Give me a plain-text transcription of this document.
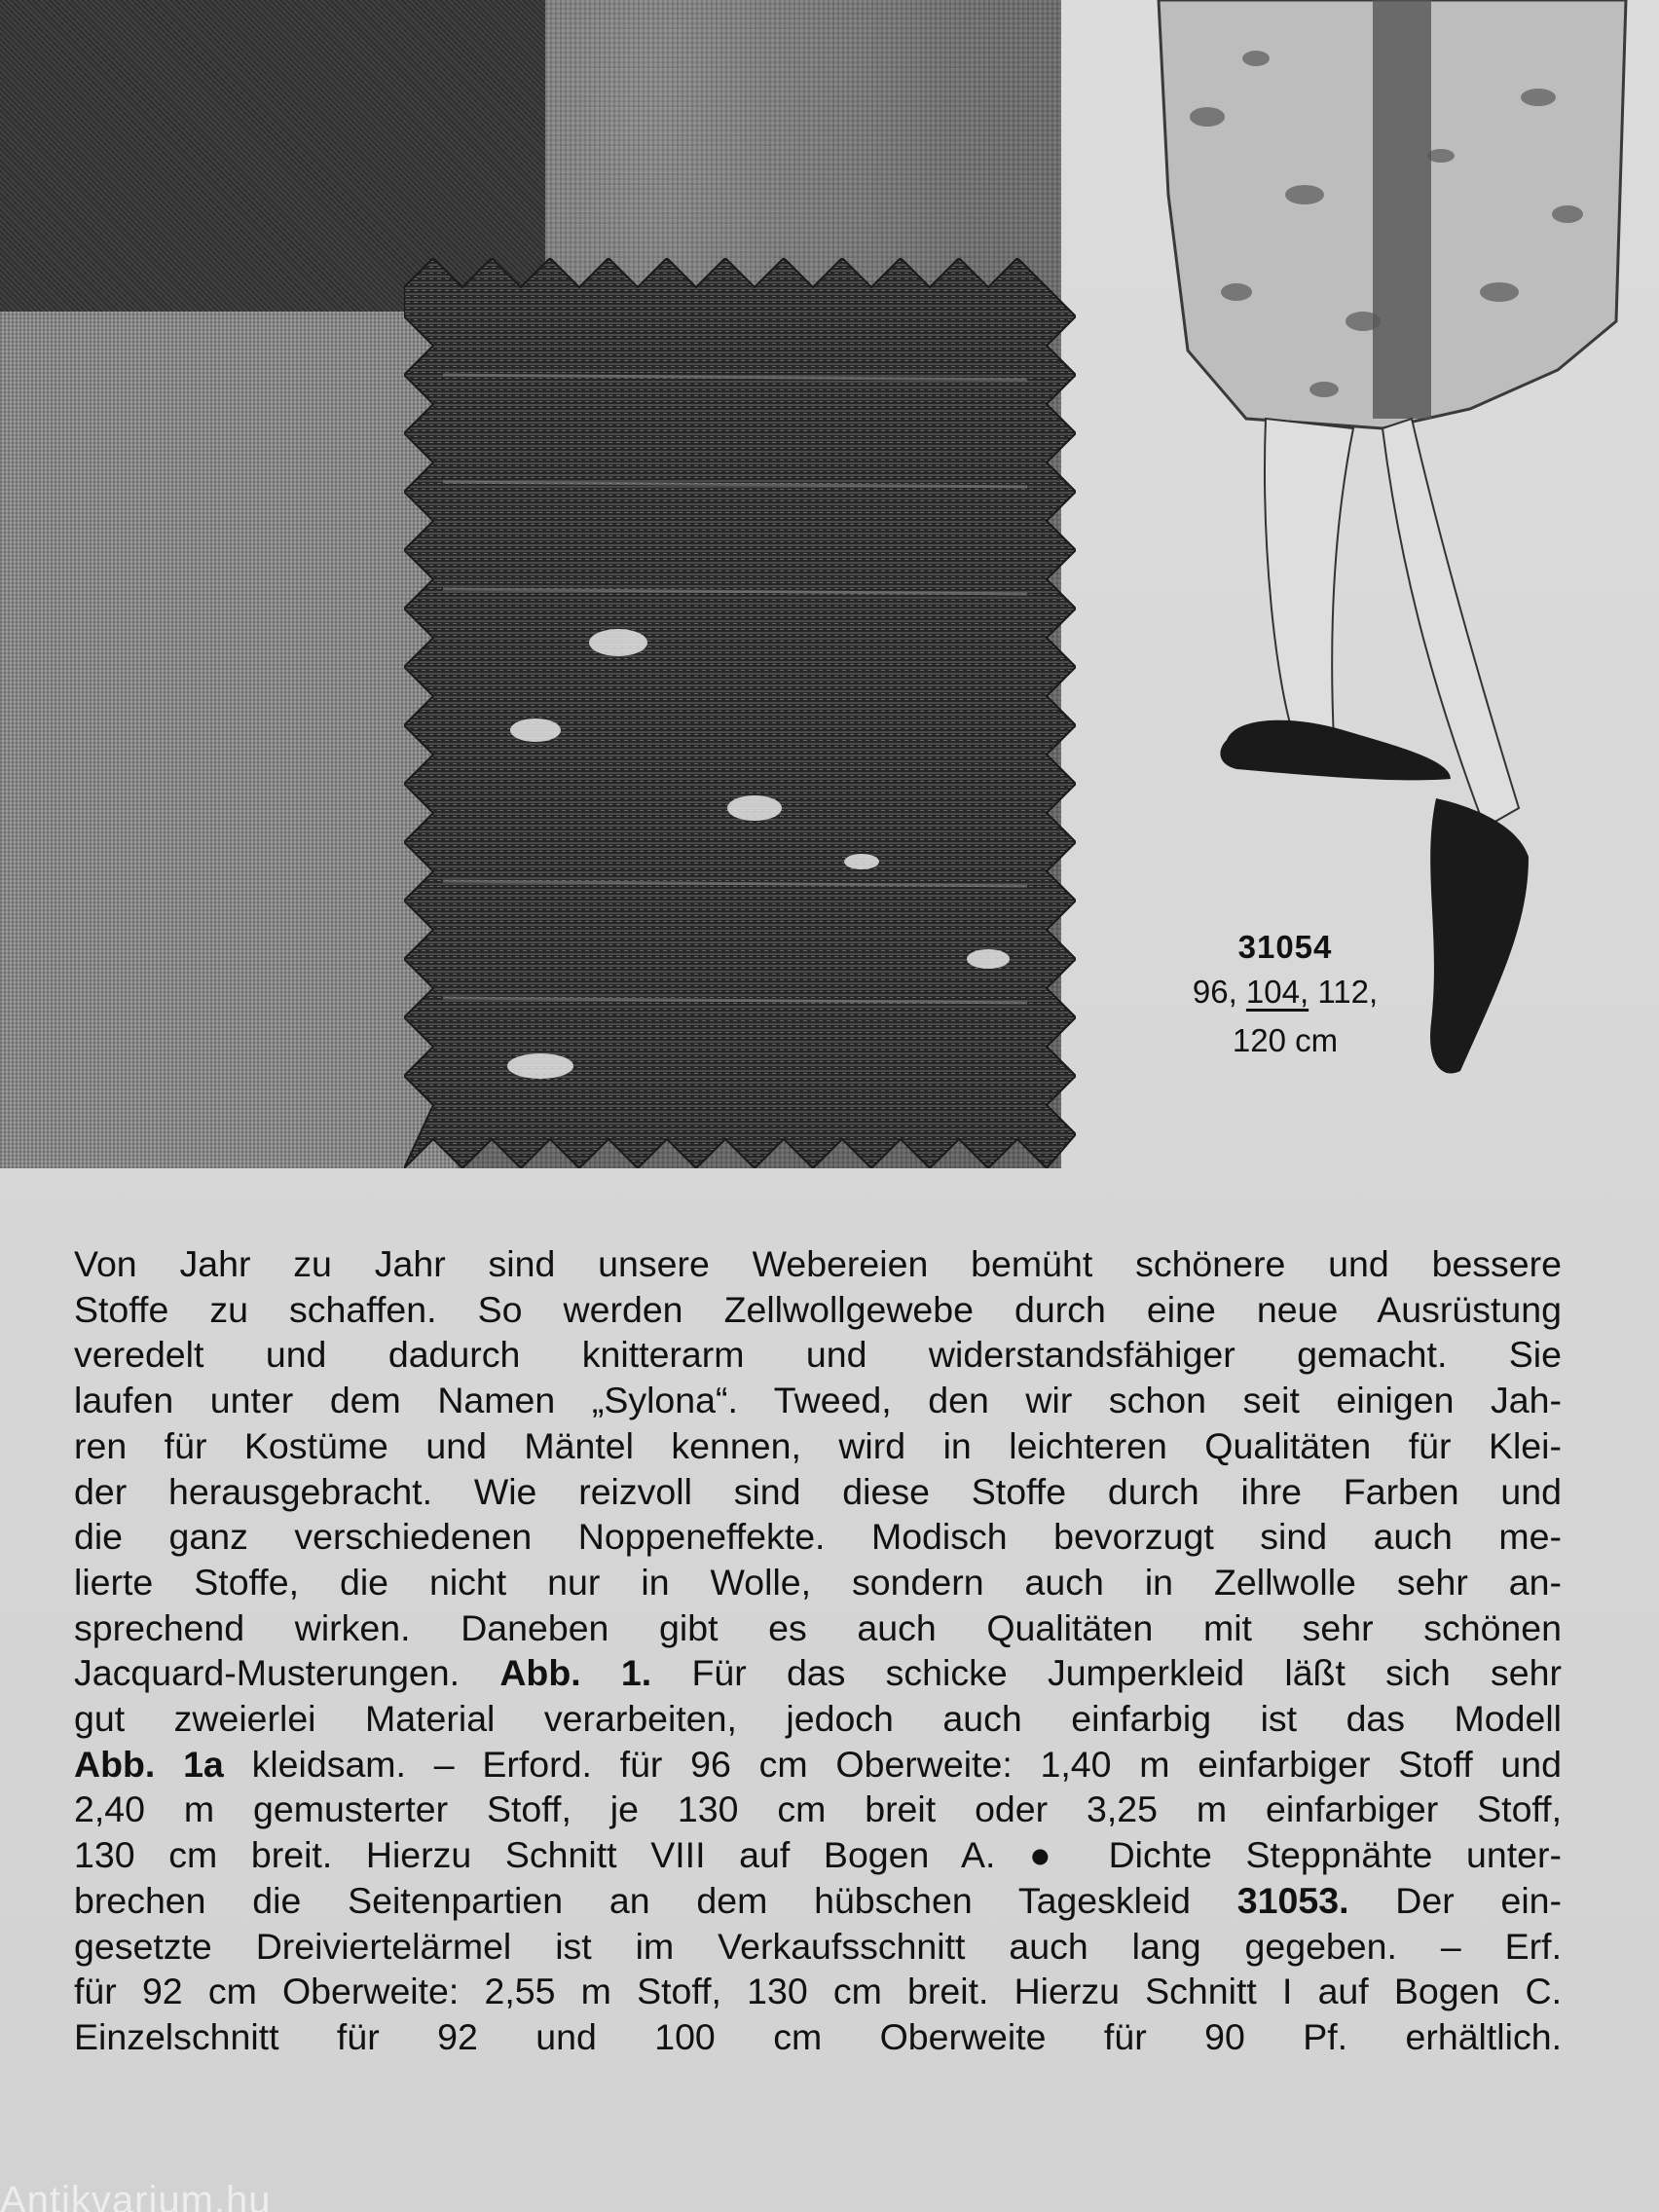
31054
96, 104, 112,
120 cm
Von Jahr zu Jahr sind unsere Webereien bemüht schönere und bessere
Stoffe zu schaffen. So werden Zellwollgewebe durch eine neue Ausrüstung
veredelt und dadurch knitterarm und widerstandsfähiger gemacht. Sie
laufen unter dem Namen „Sylona“. Tweed, den wir schon seit einigen Jah-
ren für Kostüme und Mäntel kennen, wird in leichteren Qualitäten für Klei-
der herausgebracht. Wie reizvoll sind diese Stoffe durch ihre Farben und
die ganz verschiedenen Noppeneffekte. Modisch bevorzugt sind auch me-
lierte Stoffe, die nicht nur in Wolle, sondern auch in Zellwolle sehr an-
sprechend wirken. Daneben gibt es auch Qualitäten mit sehr schönen
Jacquard-Musterungen. Abb. 1. Für das schicke Jumperkleid läßt sich sehr
gut zweierlei Material verarbeiten, jedoch auch einfarbig ist das Modell
Abb. 1a kleidsam. – Erford. für 96 cm Oberweite: 1,40 m einfarbiger Stoff und
2,40 m gemusterter Stoff, je 130 cm breit oder 3,25 m einfarbiger Stoff,
130 cm breit. Hierzu Schnitt VIII auf Bogen A. ● Dichte Steppnähte unter-
brechen die Seitenpartien an dem hübschen Tageskleid 31053. Der ein-
gesetzte Dreiviertelärmel ist im Verkaufsschnitt auch lang gegeben. – Erf.
für 92 cm Oberweite: 2,55 m Stoff, 130 cm breit. Hierzu Schnitt I auf Bogen C.
Einzelschnitt für 92 und 100 cm Oberweite für 90 Pf. erhältlich.
Antikvarium.hu
